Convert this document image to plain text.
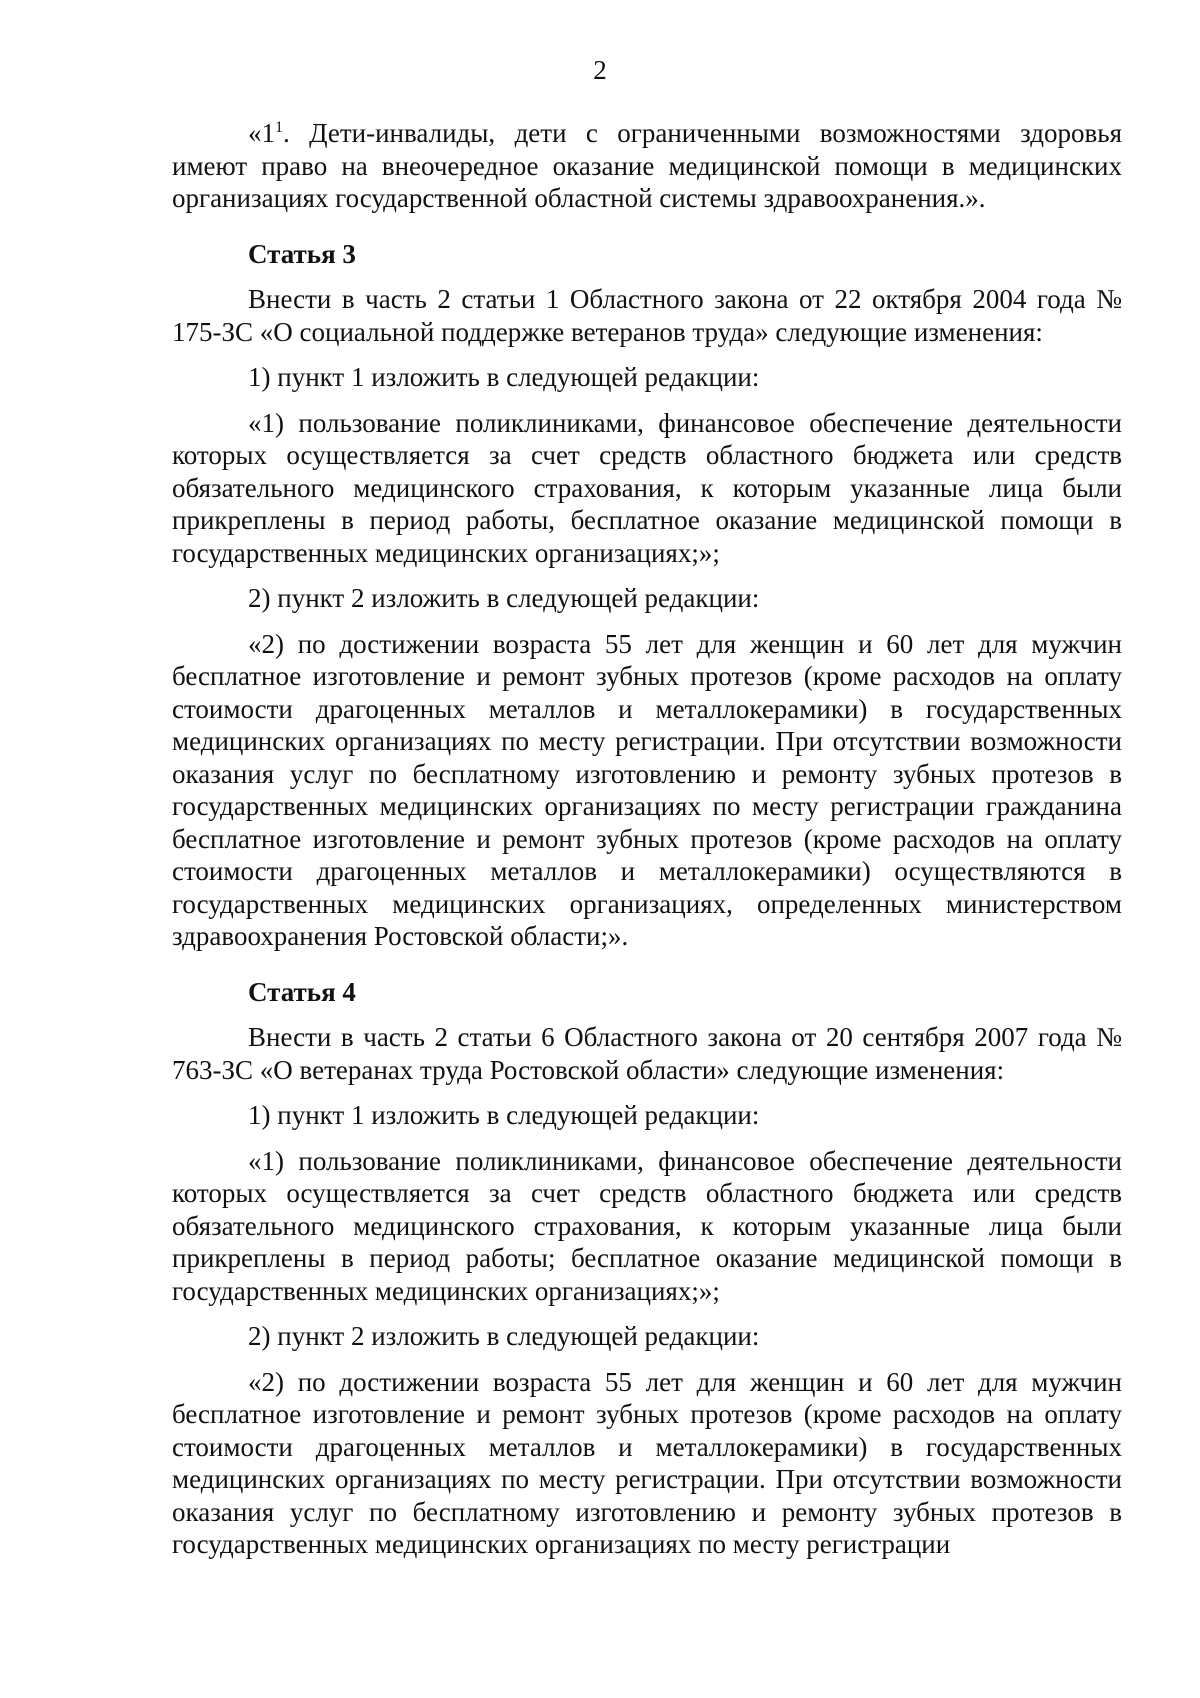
2

«$1^1$. Дети-инвалиды, дети с ограниченными возможностями здоровья имеют право на внеочередное оказание медицинской помощи в медицинских организациях государственной областной системы здравоохранения.».

Статья 3

Внести в часть 2 статьи 1 Областного закона от 22 октября 2004 года № 175-ЗС «О социальной поддержке ветеранов труда» следующие изменения:

1) пункт 1 изложить в следующей редакции:

«1) пользование поликлиниками, финансовое обеспечение деятельности которых осуществляется за счет средств областного бюджета или средств обязательного медицинского страхования, к которым указанные лица были прикреплены в период работы, бесплатное оказание медицинской помощи в государственных медицинских организациях;»;

2) пункт 2 изложить в следующей редакции:

«2) по достижении возраста 55 лет для женщин и 60 лет для мужчин бесплатное изготовление и ремонт зубных протезов (кроме расходов на оплату стоимости драгоценных металлов и металлокерамики) в государственных медицинских организациях по месту регистрации. При отсутствии возможности оказания услуг по бесплатному изготовлению и ремонту зубных протезов в государственных медицинских организациях по месту регистрации гражданина бесплатное изготовление и ремонт зубных протезов (кроме расходов на оплату стоимости драгоценных металлов и металлокерамики) осуществляются в государственных медицинских организациях, определенных министерством здравоохранения Ростовской области;».

Статья 4

Внести в часть 2 статьи 6 Областного закона от 20 сентября 2007 года № 763-ЗС «О ветеранах труда Ростовской области» следующие изменения:

1) пункт 1 изложить в следующей редакции:

«1) пользование поликлиниками, финансовое обеспечение деятельности которых осуществляется за счет средств областного бюджета или средств обязательного медицинского страхования, к которым указанные лица были прикреплены в период работы; бесплатное оказание медицинской помощи в государственных медицинских организациях;»;

2) пункт 2 изложить в следующей редакции:

«2) по достижении возраста 55 лет для женщин и 60 лет для мужчин бесплатное изготовление и ремонт зубных протезов (кроме расходов на оплату стоимости драгоценных металлов и металлокерамики) в государственных медицинских организациях по месту регистрации. При отсутствии возможности оказания услуг по бесплатному изготовлению и ремонту зубных протезов в государственных медицинских организациях по месту регистрации
